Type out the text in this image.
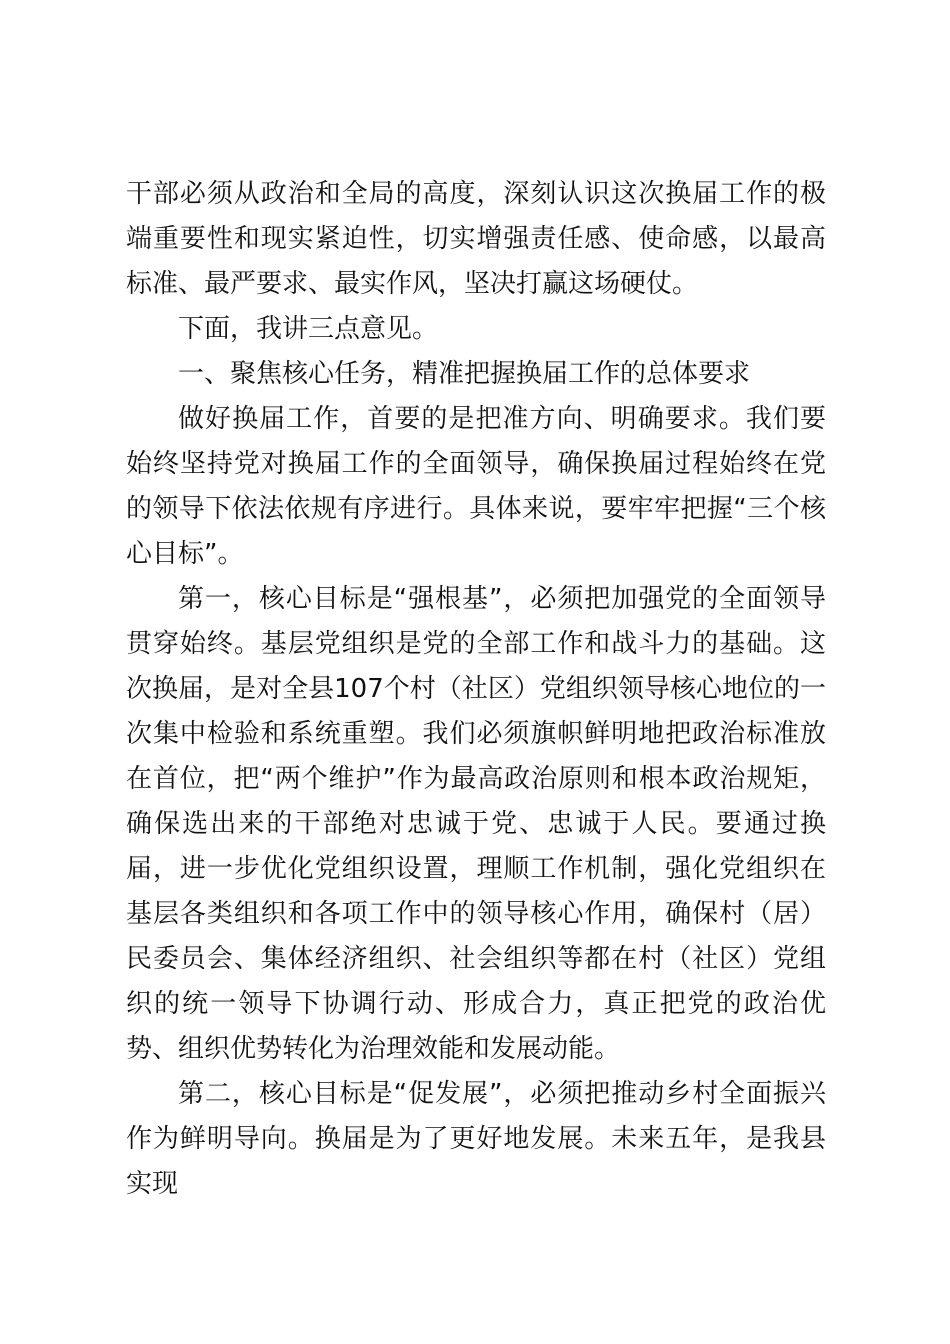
干部必须从政治和全局的高度，深刻认识这次换届工作的极端重要性和现实紧迫性，切实增强责任感、使命感，以最高标准、最严要求、最实作风，坚决打赢这场硬仗。

下面，我讲三点意见。

一、聚焦核心任务，精准把握换届工作的总体要求

做好换届工作，首要的是把准方向、明确要求。我们要始终坚持党对换届工作的全面领导，确保换届过程始终在党的领导下依法依规有序进行。具体来说，要牢牢把握“三个核心目标”。

第一，核心目标是“强根基”，必须把加强党的全面领导贯穿始终。基层党组织是党的全部工作和战斗力的基础。这次换届，是对全县107个村（社区）党组织领导核心地位的一次集中检验和系统重塑。我们必须旗帜鲜明地把政治标准放在首位，把“两个维护”作为最高政治原则和根本政治规矩，确保选出来的干部绝对忠诚于党、忠诚于人民。要通过换届，进一步优化党组织设置，理顺工作机制，强化党组织在基层各类组织和各项工作中的领导核心作用，确保村（居）民委员会、集体经济组织、社会组织等都在村（社区）党组织的统一领导下协调行动、形成合力，真正把党的政治优势、组织优势转化为治理效能和发展动能。

第二，核心目标是“促发展”，必须把推动乡村全面振兴作为鲜明导向。换届是为了更好地发展。未来五年，是我县实现
